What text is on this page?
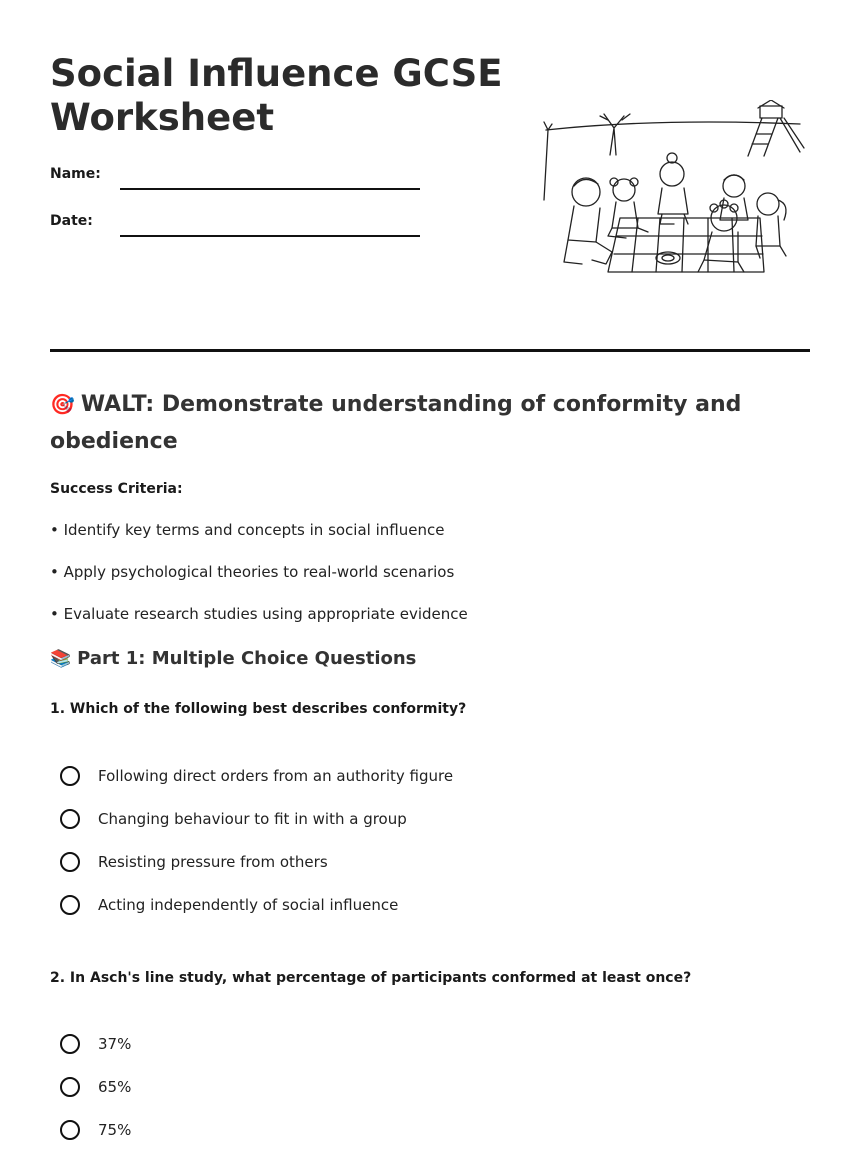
Social Influence GCSE Worksheet
Name:
Date:
🎯 WALT: Demonstrate understanding of conformity and obedience
Success Criteria:
• Identify key terms and concepts in social influence
• Apply psychological theories to real-world scenarios
• Evaluate research studies using appropriate evidence
📚 Part 1: Multiple Choice Questions
1. Which of the following best describes conformity?
Following direct orders from an authority figure
Changing behaviour to fit in with a group
Resisting pressure from others
Acting independently of social influence
2. In Asch's line study, what percentage of participants conformed at least once?
37%
65%
75%
